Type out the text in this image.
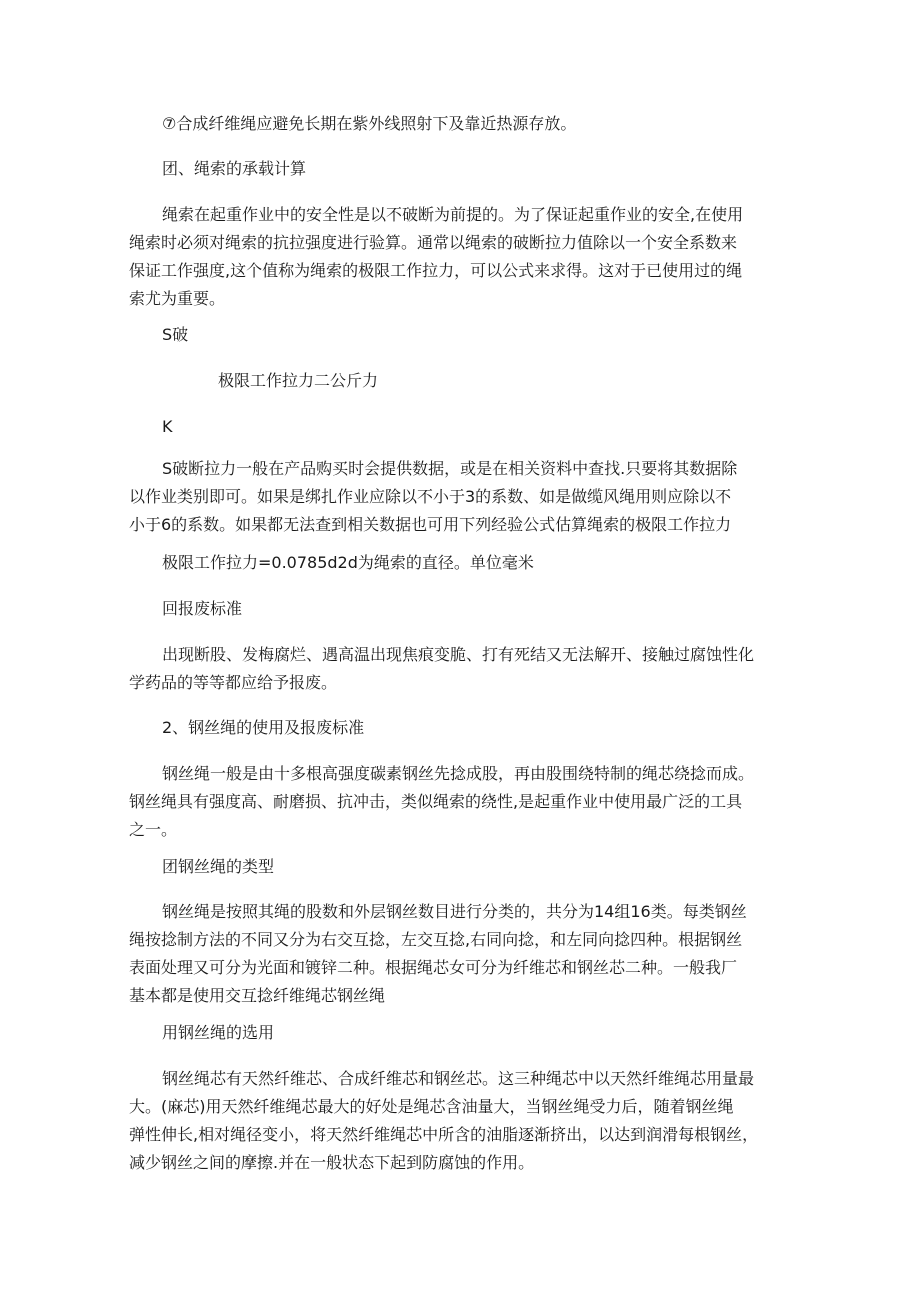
⑦合成纤维绳应避免长期在紫外线照射下及靠近热源存放。

团、绳索的承载计算

绳索在起重作业中的安全性是以不破断为前提的。为了保证起重作业的安全,在使用
绳索时必须对绳索的抗拉强度进行验算。通常以绳索的破断拉力值除以一个安全系数来
保证工作强度,这个值称为绳索的极限工作拉力，可以公式来求得。这对于已使用过的绳
索尤为重要。

S破

极限工作拉力二公斤力

K

S破断拉力一般在产品购买时会提供数据，或是在相关资料中查找.只要将其数据除
以作业类别即可。如果是绑扎作业应除以不小于3的系数、如是做缆风绳用则应除以不
小于6的系数。如果都无法查到相关数据也可用下列经验公式估算绳索的极限工作拉力

极限工作拉力=0.0785d2d为绳索的直径。单位毫米

回报废标准

出现断股、发梅腐烂、遇高温出现焦痕变脆、打有死结又无法解开、接触过腐蚀性化
学药品的等等都应给予报废。

2、钢丝绳的使用及报废标准

钢丝绳一般是由十多根高强度碳素钢丝先捻成股，再由股围绕特制的绳芯绕捻而成。
钢丝绳具有强度高、耐磨损、抗冲击，类似绳索的绕性,是起重作业中使用最广泛的工具
之一。

团钢丝绳的类型

钢丝绳是按照其绳的股数和外层钢丝数目进行分类的，共分为14组16类。每类钢丝
绳按捻制方法的不同又分为右交互捻，左交互捻,右同向捻，和左同向捻四种。根据钢丝
表面处理又可分为光面和镀锌二种。根据绳芯女可分为纤维芯和钢丝芯二种。一般我厂
基本都是使用交互捻纤维绳芯钢丝绳

用钢丝绳的选用

钢丝绳芯有天然纤维芯、合成纤维芯和钢丝芯。这三种绳芯中以天然纤维绳芯用量最
大。(麻芯)用天然纤维绳芯最大的好处是绳芯含油量大，当钢丝绳受力后，随着钢丝绳
弹性伸长,相对绳径变小，将天然纤维绳芯中所含的油脂逐渐挤出，以达到润滑每根钢丝，
减少钢丝之间的摩擦.并在一般状态下起到防腐蚀的作用。
